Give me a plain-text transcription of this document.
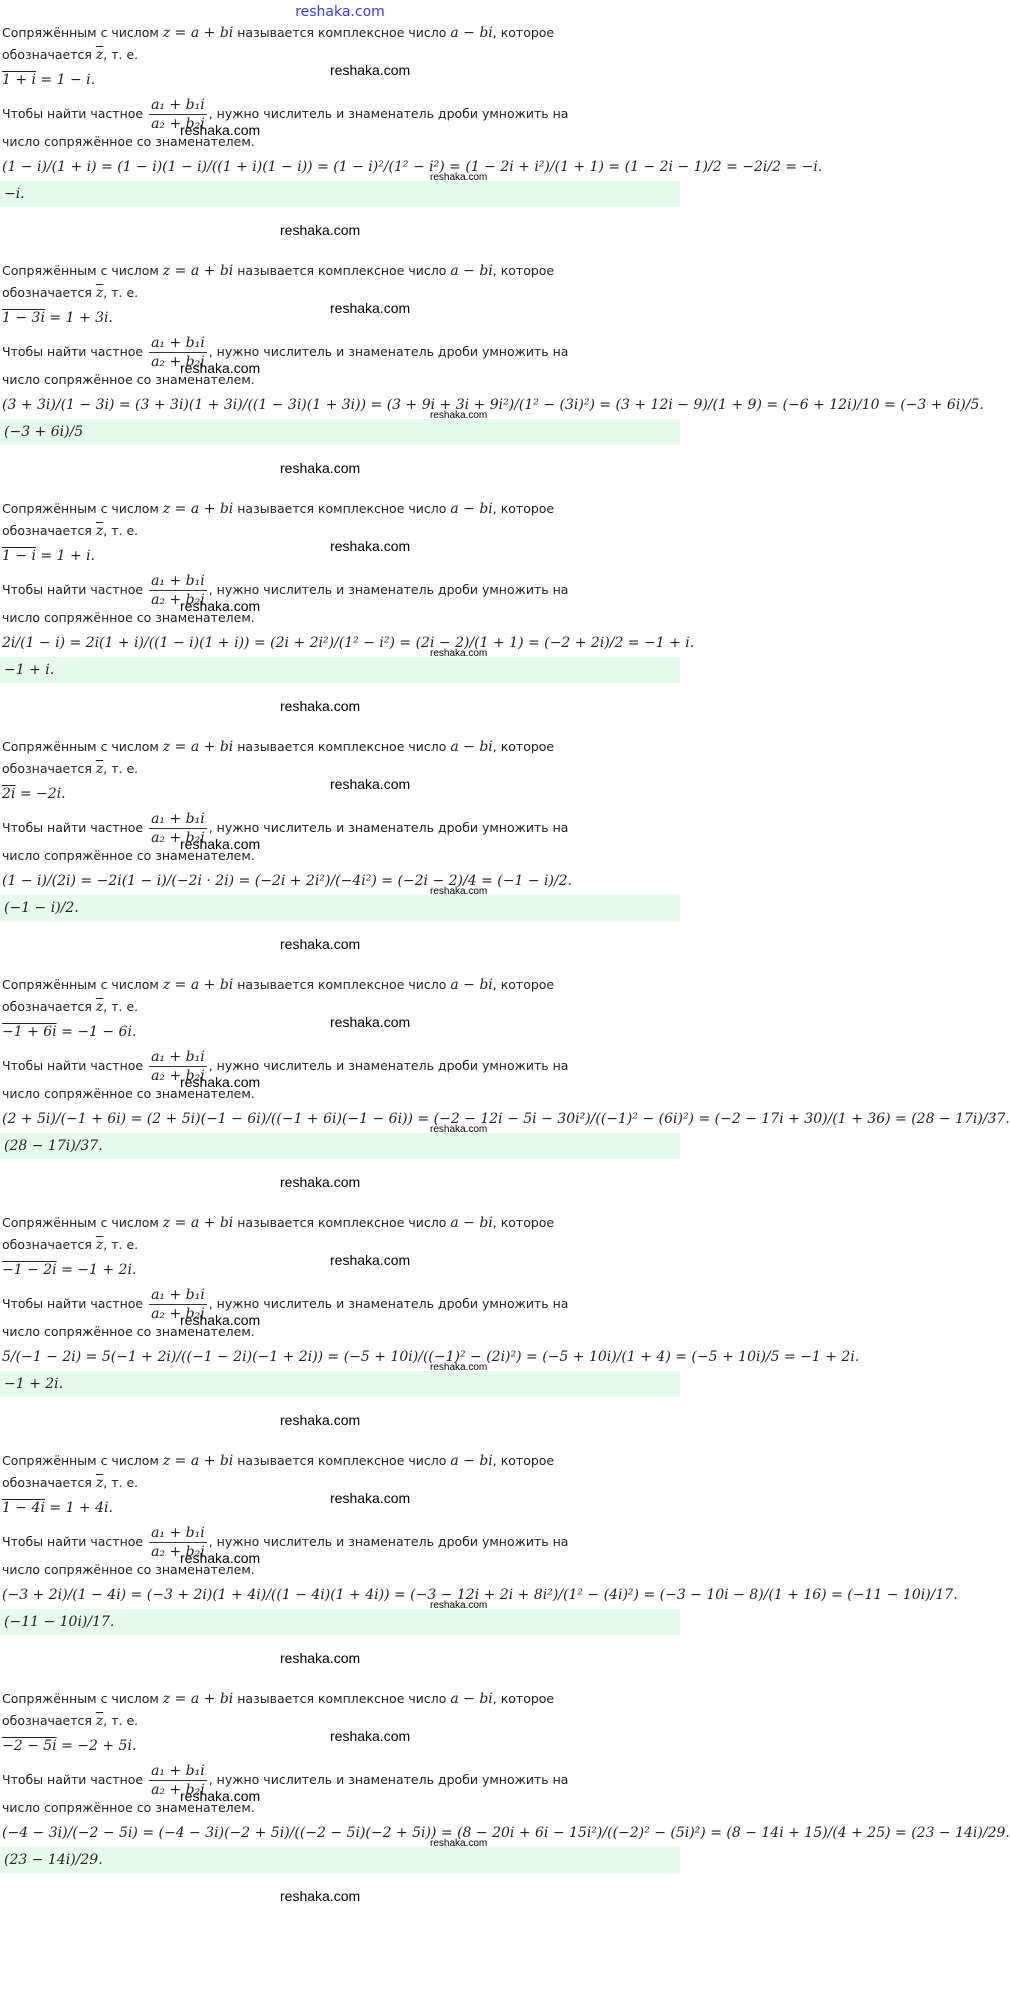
reshaka.com
Сопряжённым с числом z = a + bi называется комплексное число a − bi, которое
обозначается $\overline{z}$, т. е.
1 + i = 1 − i.
Чтобы найти частное $\frac{\text{a₁ + b₁i}}{\text{a₂ + b₂i}}$ , нужно числитель и знаменатель дроби умножить на
число сопряжённое со знаменателем.
(1 − i)/(1 + i) = (1 − i)(1 − i)/((1 + i)(1 − i)) = (1 − i)²/(1² − i²) = (1 − 2i + i²)/(1 + 1) = (1 − 2i − 1)/2 = −2i/2 = −i.
−i.
reshaka.com
reshaka.com
reshaka.com
reshaka.com
Сопряжённым с числом z = a + bi называется комплексное число a − bi, которое
обозначается $\overline{z}$, т. е.
1 − 3i = 1 + 3i.
Чтобы найти частное $\frac{\text{a₁ + b₁i}}{\text{a₂ + b₂i}}$ , нужно числитель и знаменатель дроби умножить на
число сопряжённое со знаменателем.
(3 + 3i)/(1 − 3i) = (3 + 3i)(1 + 3i)/((1 − 3i)(1 + 3i)) = (3 + 9i + 3i + 9i²)/(1² − (3i)²) = (3 + 12i − 9)/(1 + 9) = (−6 + 12i)/10 = (−3 + 6i)/5.
(−3 + 6i)/5
reshaka.com
reshaka.com
reshaka.com
reshaka.com
Сопряжённым с числом z = a + bi называется комплексное число a − bi, которое
обозначается $\overline{z}$, т. е.
1 − i = 1 + i.
Чтобы найти частное $\frac{\text{a₁ + b₁i}}{\text{a₂ + b₂i}}$ , нужно числитель и знаменатель дроби умножить на
число сопряжённое со знаменателем.
2i/(1 − i) = 2i(1 + i)/((1 − i)(1 + i)) = (2i + 2i²)/(1² − i²) = (2i − 2)/(1 + 1) = (−2 + 2i)/2 = −1 + i.
−1 + i.
reshaka.com
reshaka.com
reshaka.com
reshaka.com
Сопряжённым с числом z = a + bi называется комплексное число a − bi, которое
обозначается $\overline{z}$, т. е.
2i = −2i.
Чтобы найти частное $\frac{\text{a₁ + b₁i}}{\text{a₂ + b₂i}}$ , нужно числитель и знаменатель дроби умножить на
число сопряжённое со знаменателем.
(1 − i)/(2i) = −2i(1 − i)/(−2i · 2i) = (−2i + 2i²)/(−4i²) = (−2i − 2)/4 = (−1 − i)/2.
(−1 − i)/2.
reshaka.com
reshaka.com
reshaka.com
reshaka.com
Сопряжённым с числом z = a + bi называется комплексное число a − bi, которое
обозначается $\overline{z}$, т. е.
−1 + 6i = −1 − 6i.
Чтобы найти частное $\frac{\text{a₁ + b₁i}}{\text{a₂ + b₂i}}$ , нужно числитель и знаменатель дроби умножить на
число сопряжённое со знаменателем.
(2 + 5i)/(−1 + 6i) = (2 + 5i)(−1 − 6i)/((−1 + 6i)(−1 − 6i)) = (−2 − 12i − 5i − 30i²)/((−1)² − (6i)²) = (−2 − 17i + 30)/(1 + 36) = (28 − 17i)/37.
(28 − 17i)/37.
reshaka.com
reshaka.com
reshaka.com
reshaka.com
Сопряжённым с числом z = a + bi называется комплексное число a − bi, которое
обозначается $\overline{z}$, т. е.
−1 − 2i = −1 + 2i.
Чтобы найти частное $\frac{\text{a₁ + b₁i}}{\text{a₂ + b₂i}}$ , нужно числитель и знаменатель дроби умножить на
число сопряжённое со знаменателем.
5/(−1 − 2i) = 5(−1 + 2i)/((−1 − 2i)(−1 + 2i)) = (−5 + 10i)/((−1)² − (2i)²) = (−5 + 10i)/(1 + 4) = (−5 + 10i)/5 = −1 + 2i.
−1 + 2i.
reshaka.com
reshaka.com
reshaka.com
reshaka.com
Сопряжённым с числом z = a + bi называется комплексное число a − bi, которое
обозначается $\overline{z}$, т. е.
1 − 4i = 1 + 4i.
Чтобы найти частное $\frac{\text{a₁ + b₁i}}{\text{a₂ + b₂i}}$ , нужно числитель и знаменатель дроби умножить на
число сопряжённое со знаменателем.
(−3 + 2i)/(1 − 4i) = (−3 + 2i)(1 + 4i)/((1 − 4i)(1 + 4i)) = (−3 − 12i + 2i + 8i²)/(1² − (4i)²) = (−3 − 10i − 8)/(1 + 16) = (−11 − 10i)/17.
(−11 − 10i)/17.
reshaka.com
reshaka.com
reshaka.com
reshaka.com
Сопряжённым с числом z = a + bi называется комплексное число a − bi, которое
обозначается $\overline{z}$, т. е.
−2 − 5i = −2 + 5i.
Чтобы найти частное $\frac{\text{a₁ + b₁i}}{\text{a₂ + b₂i}}$ , нужно числитель и знаменатель дроби умножить на
число сопряжённое со знаменателем.
(−4 − 3i)/(−2 − 5i) = (−4 − 3i)(−2 + 5i)/((−2 − 5i)(−2 + 5i)) = (8 − 20i + 6i − 15i²)/((−2)² − (5i)²) = (8 − 14i + 15)/(4 + 25) = (23 − 14i)/29.
(23 − 14i)/29.
reshaka.com
reshaka.com
reshaka.com
reshaka.com
